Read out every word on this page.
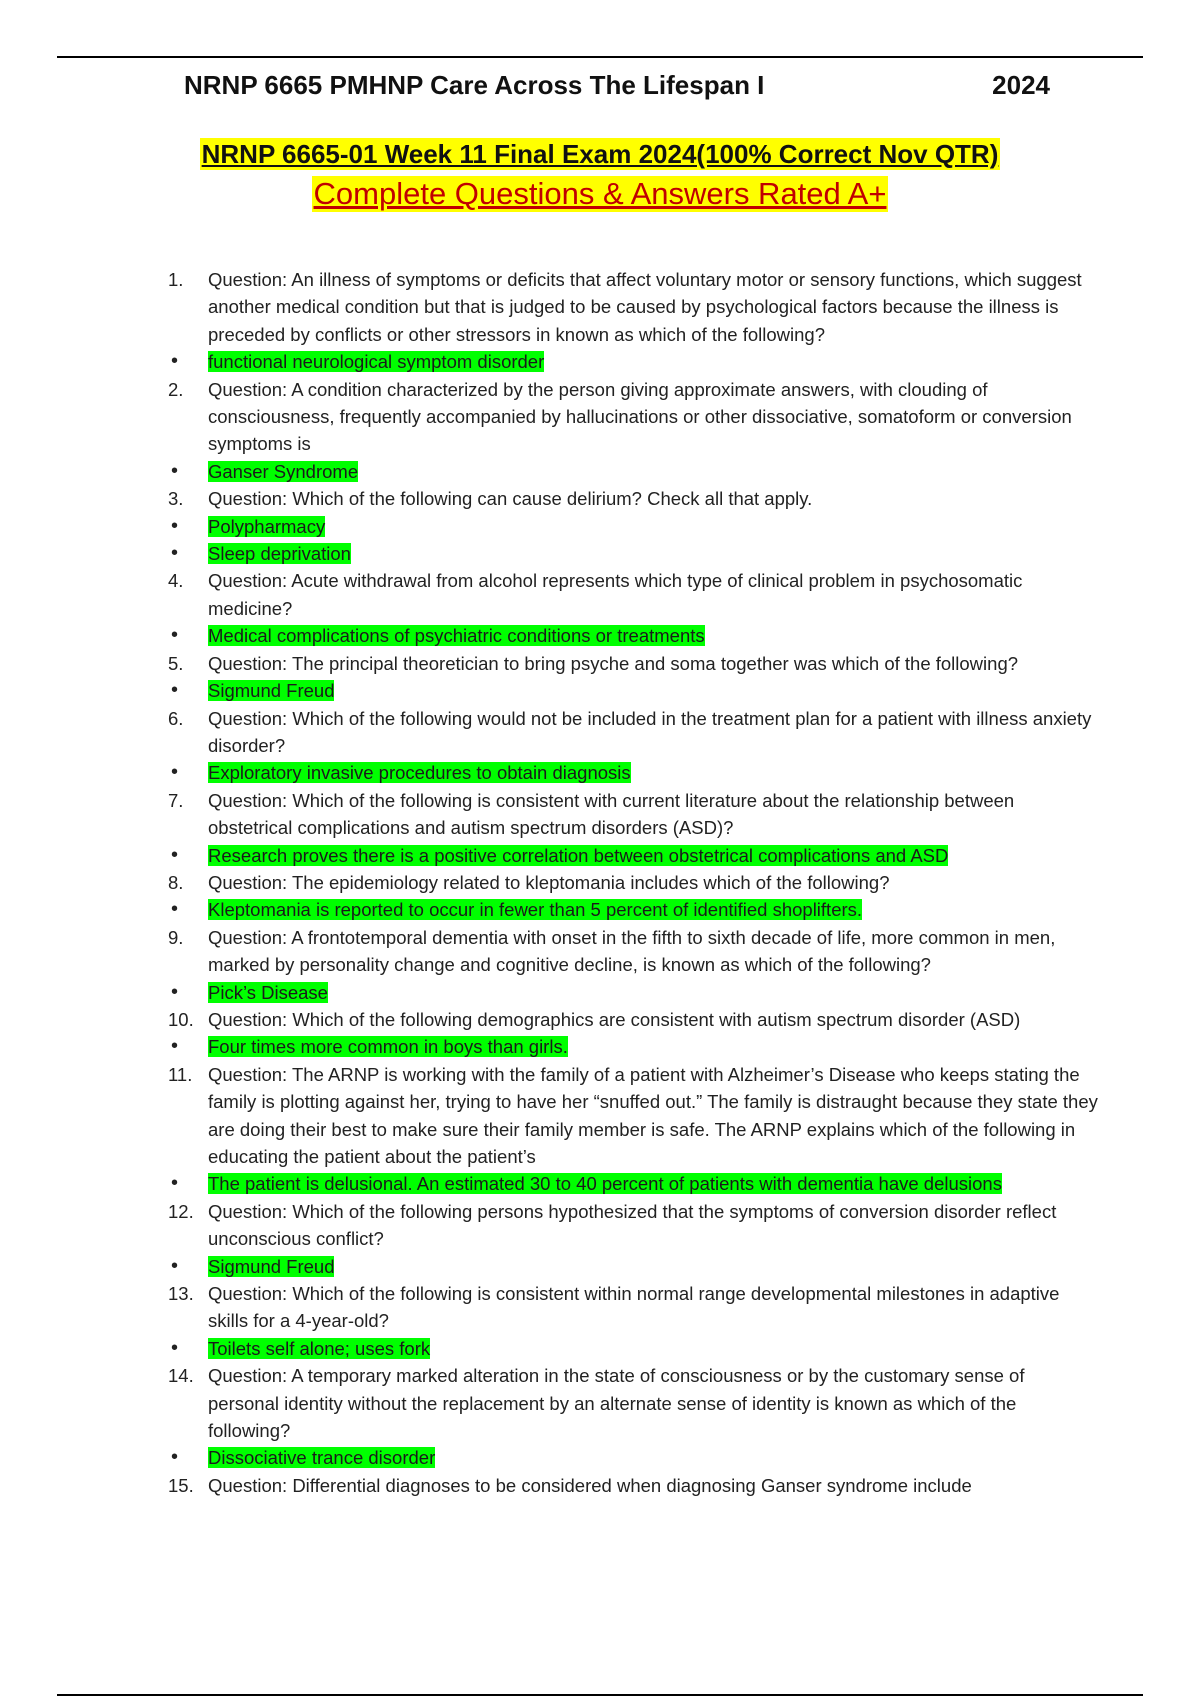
NRNP 6665 PMHNP Care Across The Lifespan I	2024
NRNP 6665-01 Week 11 Final Exam 2024(100% Correct Nov QTR)
Complete Questions & Answers Rated A+
1.	Question: An illness of symptoms or deficits that affect voluntary motor or sensory functions, which suggest another medical condition but that is judged to be caused by psychological factors because the illness is preceded by conflicts or other stressors in known as which of the following?
•	functional neurological symptom disorder
2.	Question: A condition characterized by the person giving approximate answers, with clouding of consciousness, frequently accompanied by hallucinations or other dissociative, somatoform or conversion symptoms is
•	Ganser Syndrome
3.	Question: Which of the following can cause delirium? Check all that apply.
•	Polypharmacy
•	Sleep deprivation
4.	Question: Acute withdrawal from alcohol represents which type of clinical problem in psychosomatic medicine?
•	Medical complications of psychiatric conditions or treatments
5.	Question: The principal theoretician to bring psyche and soma together was which of the following?
•	Sigmund Freud
6.	Question: Which of the following would not be included in the treatment plan for a patient with illness anxiety disorder?
•	Exploratory invasive procedures to obtain diagnosis
7.	Question: Which of the following is consistent with current literature about the relationship between obstetrical complications and autism spectrum disorders (ASD)?
•	Research proves there is a positive correlation between obstetrical complications and ASD
8.	Question: The epidemiology related to kleptomania includes which of the following?
•	Kleptomania is reported to occur in fewer than 5 percent of identified shoplifters.
9.	Question: A frontotemporal dementia with onset in the fifth to sixth decade of life, more common in men, marked by personality change and cognitive decline, is known as which of the following?
•	Pick’s Disease
10. Question: Which of the following demographics are consistent with autism spectrum disorder (ASD)
•	Four times more common in boys than girls.
11. Question: The ARNP is working with the family of a patient with Alzheimer’s Disease who keeps stating the family is plotting against her, trying to have her “snuffed out.” The family is distraught because they state they are doing their best to make sure their family member is safe. The ARNP explains which of the following in educating the patient about the patient’s
•	The patient is delusional. An estimated 30 to 40 percent of patients with dementia have delusions
12. Question: Which of the following persons hypothesized that the symptoms of conversion disorder reflect unconscious conflict?
•	Sigmund Freud
13. Question: Which of the following is consistent within normal range developmental milestones in adaptive skills for a 4-year-old?
•	Toilets self alone; uses fork
14. Question: A temporary marked alteration in the state of consciousness or by the customary sense of personal identity without the replacement by an alternate sense of identity is known as which of the following?
•	Dissociative trance disorder
15. Question: Differential diagnoses to be considered when diagnosing Ganser syndrome include
